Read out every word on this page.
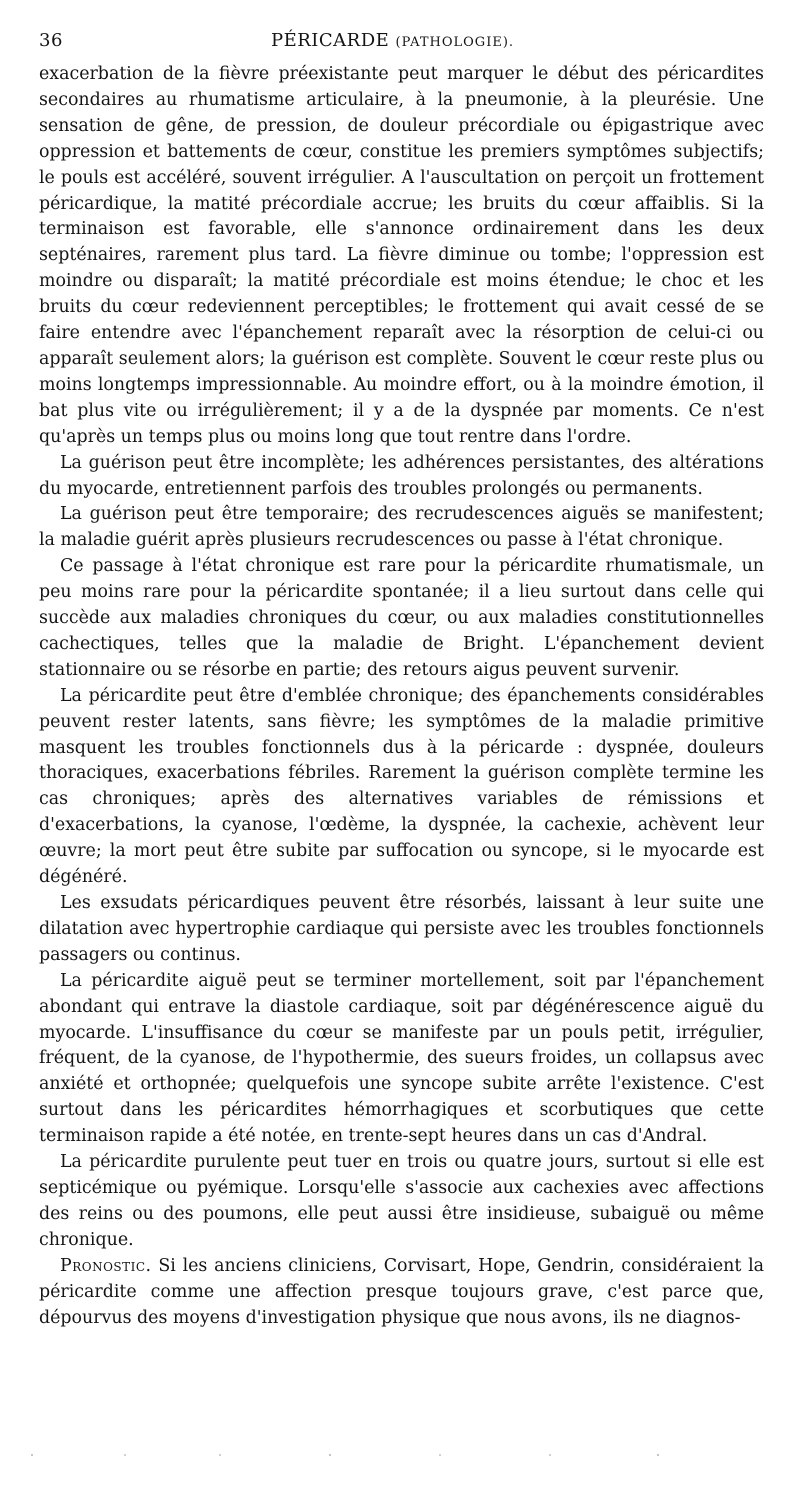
36	PÉRICARDE (PATHOLOGIE).

exacerbation de la fièvre préexistante peut marquer le début des péricardites secondaires au rhumatisme articulaire, à la pneumonie, à la pleurésie. Une sensation de gêne, de pression, de douleur précordiale ou épigastrique avec oppression et battements de cœur, constitue les premiers symptômes subjectifs; le pouls est accéléré, souvent irrégulier. A l'auscultation on perçoit un frottement péricardique, la matité précordiale accrue; les bruits du cœur affaiblis. Si la terminaison est favorable, elle s'annonce ordinairement dans les deux septénaires, rarement plus tard. La fièvre diminue ou tombe; l'oppression est moindre ou disparaît; la matité précordiale est moins étendue; le choc et les bruits du cœur redeviennent perceptibles; le frottement qui avait cessé de se faire entendre avec l'épanchement reparaît avec la résorption de celui-ci ou apparaît seulement alors; la guérison est complète. Souvent le cœur reste plus ou moins longtemps impressionnable. Au moindre effort, ou à la moindre émotion, il bat plus vite ou irrégulièrement; il y a de la dyspnée par moments. Ce n'est qu'après un temps plus ou moins long que tout rentre dans l'ordre.

La guérison peut être incomplète; les adhérences persistantes, des altérations du myocarde, entretiennent parfois des troubles prolongés ou permanents.

La guérison peut être temporaire; des recrudescences aiguës se manifestent; la maladie guérit après plusieurs recrudescences ou passe à l'état chronique.

Ce passage à l'état chronique est rare pour la péricardite rhumatismale, un peu moins rare pour la péricardite spontanée; il a lieu surtout dans celle qui succède aux maladies chroniques du cœur, ou aux maladies constitutionnelles cachectiques, telles que la maladie de Bright. L'épanchement devient stationnaire ou se résorbe en partie; des retours aigus peuvent survenir.

La péricardite peut être d'emblée chronique; des épanchements considérables peuvent rester latents, sans fièvre; les symptômes de la maladie primitive masquent les troubles fonctionnels dus à la péricarde : dyspnée, douleurs thoraciques, exacerbations fébriles. Rarement la guérison complète termine les cas chroniques; après des alternatives variables de rémissions et d'exacerbations, la cyanose, l'œdème, la dyspnée, la cachexie, achèvent leur œuvre; la mort peut être subite par suffocation ou syncope, si le myocarde est dégénéré.

Les exsudats péricardiques peuvent être résorbés, laissant à leur suite une dilatation avec hypertrophie cardiaque qui persiste avec les troubles fonctionnels passagers ou continus.

La péricardite aiguë peut se terminer mortellement, soit par l'épanchement abondant qui entrave la diastole cardiaque, soit par dégénérescence aiguë du myocarde. L'insuffisance du cœur se manifeste par un pouls petit, irrégulier, fréquent, de la cyanose, de l'hypothermie, des sueurs froides, un collapsus avec anxiété et orthopnée; quelquefois une syncope subite arrête l'existence. C'est surtout dans les péricardites hémorrhagiques et scorbutiques que cette terminaison rapide a été notée, en trente-sept heures dans un cas d'Andral.

La péricardite purulente peut tuer en trois ou quatre jours, surtout si elle est septicémique ou pyémique. Lorsqu'elle s'associe aux cachexies avec affections des reins ou des poumons, elle peut aussi être insidieuse, subaiguë ou même chronique.

Pronostic. Si les anciens cliniciens, Corvisart, Hope, Gendrin, considéraient la péricardite comme une affection presque toujours grave, c'est parce que, dépourvus des moyens d'investigation physique que nous avons, ils ne diagnos-
